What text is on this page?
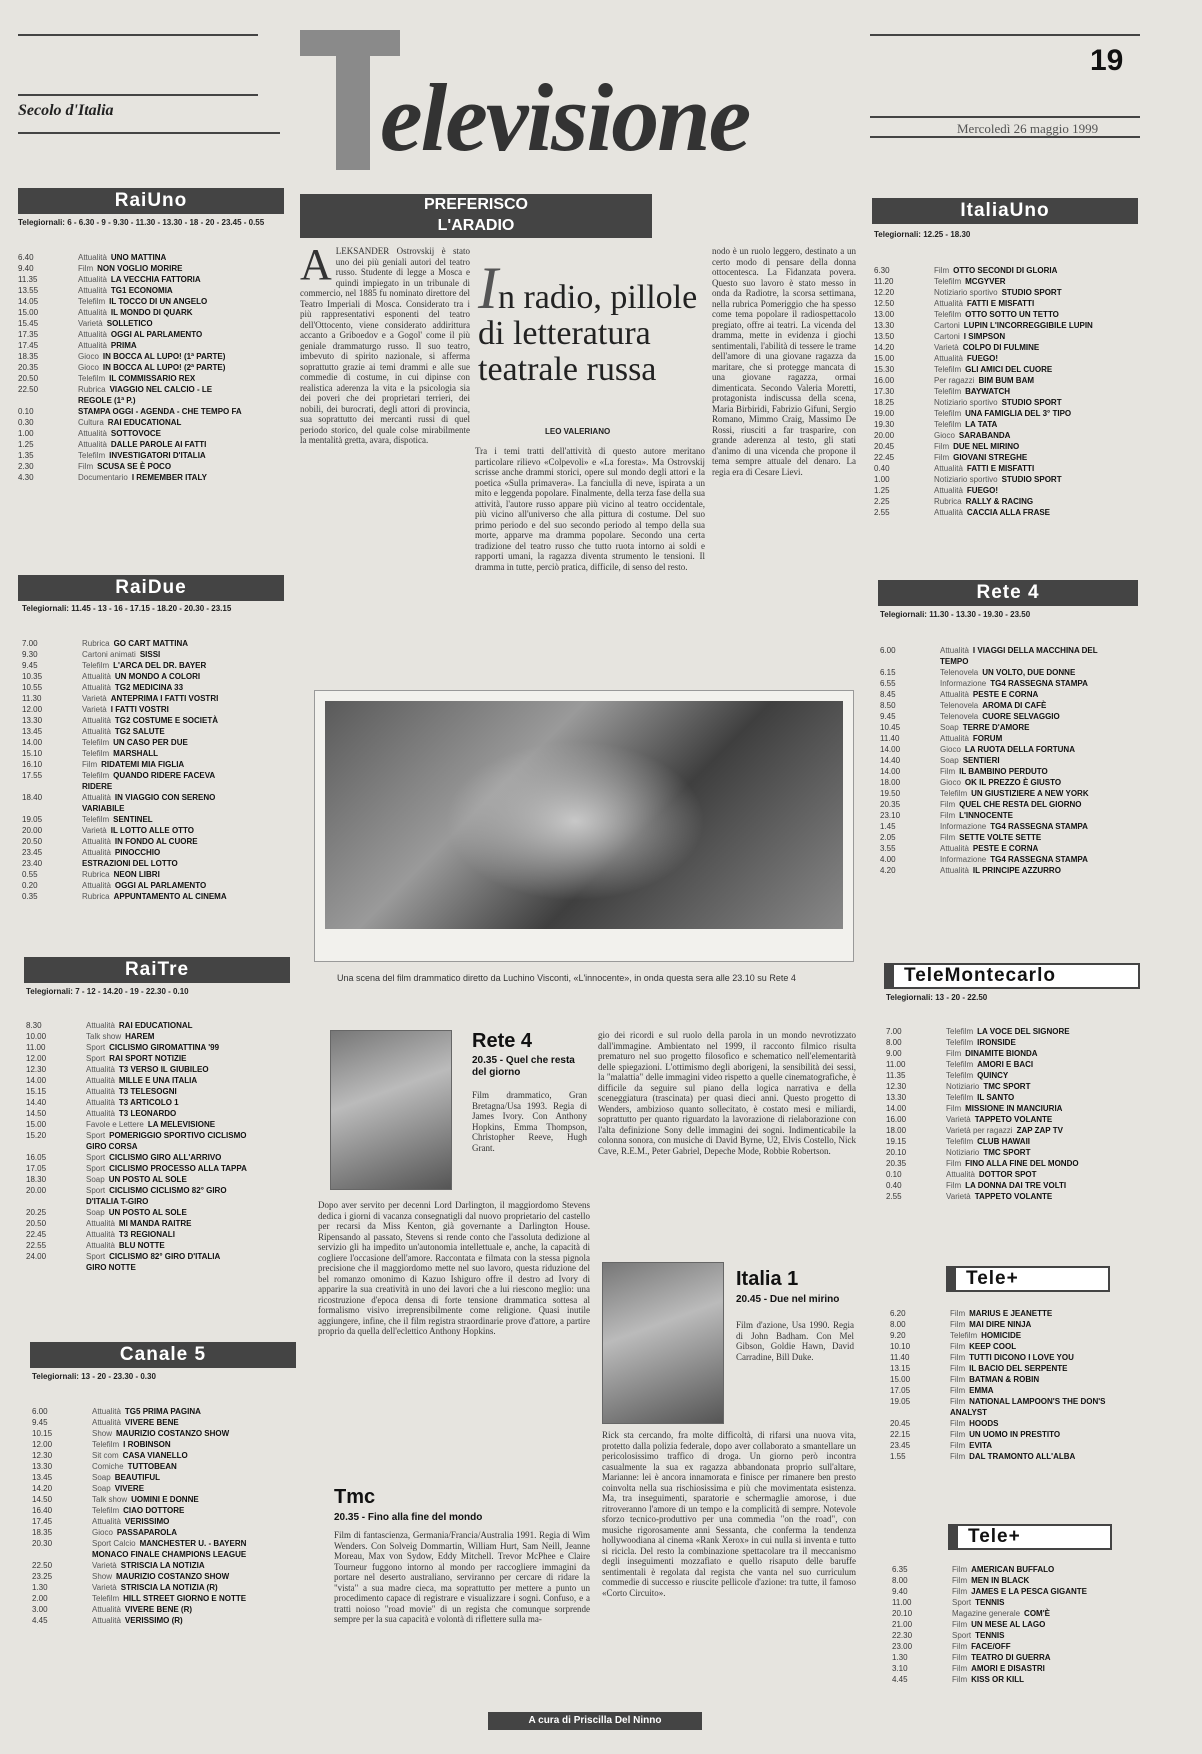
19
Secolo d'Italia
Mercoledì 26 maggio 1999
elevisione
RaiUno
Telegiornali: 6 - 6.30 - 9 - 9.30 - 11.30 - 13.30 - 18 - 20 - 23.45 - 0.55
6.40	Attualità UNO MATTINA
9.40	Film NON VOGLIO MORIRE
11.35	Attualità LA VECCHIA FATTORIA
13.55	Attualità TG1 ECONOMIA
14.05	Telefilm IL TOCCO DI UN ANGELO
15.00	Attualità IL MONDO DI QUARK
15.45	Varietà SOLLETICO
17.35	Attualità OGGI AL PARLAMENTO
17.45	Attualità PRIMA
18.35	Gioco IN BOCCA AL LUPO! (1ª PARTE)
20.35	Gioco IN BOCCA AL LUPO! (2ª PARTE)
20.50	Telefilm IL COMMISSARIO REX
22.50	Rubrica VIAGGIO NEL CALCIO - LE
REGOLE (1ª P.)
0.10	STAMPA OGGI - AGENDA - CHE TEMPO FA
0.30	Cultura RAI EDUCATIONAL
1.00	Attualità SOTTOVOCE
1.25	Attualità DALLE PAROLE AI FATTI
1.35	Telefilm INVESTIGATORI D'ITALIA
2.30	Film SCUSA SE È POCO
4.30	Documentario I REMEMBER ITALY
RaiDue
Telegiornali: 11.45 - 13 - 16 - 17.15 - 18.20 - 20.30 - 23.15
7.00	Rubrica GO CART MATTINA
9.30	Cartoni animati SISSI
9.45	Telefilm L'ARCA DEL DR. BAYER
10.35	Attualità UN MONDO A COLORI
10.55	Attualità TG2 MEDICINA 33
11.30	Varietà ANTEPRIMA I FATTI VOSTRI
12.00	Varietà I FATTI VOSTRI
13.30	Attualità TG2 COSTUME E SOCIETÀ
13.45	Attualità TG2 SALUTE
14.00	Telefilm UN CASO PER DUE
15.10	Telefilm MARSHALL
16.10	Film RIDATEMI MIA FIGLIA
17.55	Telefilm QUANDO RIDERE FACEVA
RIDERE
18.40	Attualità IN VIAGGIO CON SERENO
VARIABILE
19.05	Telefilm SENTINEL
20.00	Varietà IL LOTTO ALLE OTTO
20.50	Attualità IN FONDO AL CUORE
23.45	Attualità PINOCCHIO
23.40	ESTRAZIONI DEL LOTTO
0.55	Rubrica NEON LIBRI
0.20	Attualità OGGI AL PARLAMENTO
0.35	Rubrica APPUNTAMENTO AL CINEMA
RaiTre
Telegiornali: 7 - 12 - 14.20 - 19 - 22.30 - 0.10
8.30	Attualità RAI EDUCATIONAL
10.00	Talk show HAREM
11.00	Sport CICLISMO GIROMATTINA '99
12.00	Sport RAI SPORT NOTIZIE
12.30	Attualità T3 VERSO IL GIUBILEO
14.00	Attualità MILLE E UNA ITALIA
15.15	Attualità T3 TELESOGNI
14.40	Attualità T3 ARTICOLO 1
14.50	Attualità T3 LEONARDO
15.00	Favole e Lettere LA MELEVISIONE
15.20	Sport POMERIGGIO SPORTIVO CICLISMO
GIRO CORSA
16.05	Sport CICLISMO GIRO ALL'ARRIVO
17.05	Sport CICLISMO PROCESSO ALLA TAPPA
18.30	Soap UN POSTO AL SOLE
20.00	Sport CICLISMO CICLISMO 82° GIRO
D'ITALIA T-GIRO
20.25	Soap UN POSTO AL SOLE
20.50	Attualità MI MANDA RAITRE
22.45	Attualità T3 REGIONALI
22.55	Attualità BLU NOTTE
24.00	Sport CICLISMO 82° GIRO D'ITALIA
GIRO NOTTE
Canale 5
Telegiornali: 13 - 20 - 23.30 - 0.30
6.00	Attualità TG5 PRIMA PAGINA
9.45	Attualità VIVERE BENE
10.15	Show MAURIZIO COSTANZO SHOW
12.00	Telefilm I ROBINSON
12.30	Sit com CASA VIANELLO
13.30	Comiche TUTTOBEAN
13.45	Soap BEAUTIFUL
14.20	Soap VIVERE
14.50	Talk show UOMINI E DONNE
16.40	Telefilm CIAO DOTTORE
17.45	Attualità VERISSIMO
18.35	Gioco PASSAPAROLA
20.30	Sport Calcio MANCHESTER U. - BAYERN
MONACO FINALE CHAMPIONS LEAGUE
22.50	Varietà STRISCIA LA NOTIZIA
23.25	Show MAURIZIO COSTANZO SHOW
1.30	Varietà STRISCIA LA NOTIZIA (R)
2.00	Telefilm HILL STREET GIORNO E NOTTE
3.00	Attualità VIVERE BENE (R)
4.45	Attualità VERISSIMO (R)
ItaliaUno
Telegiornali: 12.25 - 18.30
6.30	Film OTTO SECONDI DI GLORIA
11.20	Telefilm MCGYVER
12.20	Notiziario sportivo STUDIO SPORT
12.50	Attualità FATTI E MISFATTI
13.00	Telefilm OTTO SOTTO UN TETTO
13.30	Cartoni LUPIN L'INCORREGGIBILE LUPIN
13.50	Cartoni I SIMPSON
14.20	Varietà COLPO DI FULMINE
15.00	Attualità FUEGO!
15.30	Telefilm GLI AMICI DEL CUORE
16.00	Per ragazzi BIM BUM BAM
17.30	Telefilm BAYWATCH
18.25	Notiziario sportivo STUDIO SPORT
19.00	Telefilm UNA FAMIGLIA DEL 3° TIPO
19.30	Telefilm LA TATA
20.00	Gioco SARABANDA
20.45	Film DUE NEL MIRINO
22.45	Film GIOVANI STREGHE
0.40	Attualità FATTI E MISFATTI
1.00	Notiziario sportivo STUDIO SPORT
1.25	Attualità FUEGO!
2.25	Rubrica RALLY & RACING
2.55	Attualità CACCIA ALLA FRASE
Rete 4
Telegiornali: 11.30 - 13.30 - 19.30 - 23.50
6.00	Attualità I VIAGGI DELLA MACCHINA DEL
TEMPO
6.15	Telenovela UN VOLTO, DUE DONNE
6.55	Informazione TG4 RASSEGNA STAMPA
8.45	Attualità PESTE E CORNA
8.50	Telenovela AROMA DI CAFÈ
9.45	Telenovela CUORE SELVAGGIO
10.45	Soap TERRE D'AMORE
11.40	Attualità FORUM
14.00	Gioco LA RUOTA DELLA FORTUNA
14.40	Soap SENTIERI
14.00	Film IL BAMBINO PERDUTO
18.00	Gioco OK IL PREZZO È GIUSTO
19.50	Telefilm UN GIUSTIZIERE A NEW YORK
20.35	Film QUEL CHE RESTA DEL GIORNO
23.10	Film L'INNOCENTE
1.45	Informazione TG4 RASSEGNA STAMPA
2.05	Film SETTE VOLTE SETTE
3.55	Attualità PESTE E CORNA
4.00	Informazione TG4 RASSEGNA STAMPA
4.20	Attualità IL PRINCIPE AZZURRO
TeleMontecarlo
Telegiornali: 13 - 20 - 22.50
7.00	Telefilm LA VOCE DEL SIGNORE
8.00	Telefilm IRONSIDE
9.00	Film DINAMITE BIONDA
11.00	Telefilm AMORI E BACI
11.35	Telefilm QUINCY
12.30	Notiziario TMC SPORT
13.30	Telefilm IL SANTO
14.00	Film MISSIONE IN MANCIURIA
16.00	Varietà TAPPETO VOLANTE
18.00	Varietà per ragazzi ZAP ZAP TV
19.15	Telefilm CLUB HAWAII
20.10	Notiziario TMC SPORT
20.35	Film FINO ALLA FINE DEL MONDO
0.10	Attualità DOTTOR SPOT
0.40	Film LA DONNA DAI TRE VOLTI
2.55	Varietà TAPPETO VOLANTE
Tele+
6.20	Film MARIUS E JEANETTE
8.00	Film MAI DIRE NINJA
9.20	Telefilm HOMICIDE
10.10	Film KEEP COOL
11.40	Film TUTTI DICONO I LOVE YOU
13.15	Film IL BACIO DEL SERPENTE
15.00	Film BATMAN & ROBIN
17.05	Film EMMA
19.05	Film NATIONAL LAMPOON'S THE DON'S
ANALYST
20.45	Film HOODS
22.15	Film UN UOMO IN PRESTITO
23.45	Film EVITA
1.55	Film DAL TRAMONTO ALL'ALBA
Tele+
6.35	Film AMERICAN BUFFALO
8.00	Film MEN IN BLACK
9.40	Film JAMES E LA PESCA GIGANTE
11.00	Sport TENNIS
20.10	Magazine generale COM'È
21.00	Film UN MESE AL LAGO
22.30	Sport TENNIS
23.00	Film FACE/OFF
1.30	Film TEATRO DI GUERRA
3.10	Film AMORI E DISASTRI
4.45	Film KISS OR KILL
PREFERISCO
L'ARADIO
In radio, pillole di letteratura teatrale russa
LEO VALERIANO
ALEKSANDER Ostrovskij è stato uno dei più geniali autori del teatro russo. Studente di legge a Mosca e quindi impiegato in un tribunale di commercio, nel 1885 fu nominato direttore del Teatro Imperiali di Mosca. Considerato tra i più rappresentativi esponenti del teatro dell'Ottocento, viene considerato addirittura accanto a Griboedov e a Gogol' come il più geniale drammaturgo russo. Il suo teatro, imbevuto di spirito nazionale, si afferma soprattutto grazie ai temi drammi e alle sue commedie di costume, in cui dipinse con realistica aderenza la vita e la psicologia sia dei poveri che dei proprietari terrieri, dei nobili, dei burocrati, degli attori di provincia, sua soprattutto dei mercanti russi di quel periodo storico, del quale colse mirabilmente la mentalità gretta, avara, dispotica.
Tra i temi tratti dell'attività di questo autore meritano particolare rilievo «Colpevoli» e «La foresta». Ma Ostrovskij scrisse anche drammi storici, opere sul mondo degli attori e la poetica «Sulla primavera». La fanciulla di neve, ispirata a un mito e leggenda popolare. Finalmente, della terza fase della sua attività, l'autore russo appare più vicino al teatro occidentale, più vicino all'universo che alla pittura di costume. Del suo primo periodo e del suo secondo periodo al tempo della sua morte, apparve ma dramma popolare. Secondo una certa tradizione del teatro russo che tutto ruota intorno ai soldi e rapporti umani, la ragazza diventa strumento le tensioni. Il dramma in tutte, perciò pratica, difficile, di senso del resto.
nodo è un ruolo leggero, destinato a un certo modo di pensare della donna ottocentesca. La Fidanzata povera. Questo suo lavoro è stato messo in onda da Radiotre, la scorsa settimana, nella rubrica Pomeriggio che ha spesso come tema popolare il radiospettacolo pregiato, offre ai teatri. La vicenda del dramma, mette in evidenza i giochi sentimentali, l'abilità di tessere le trame dell'amore di una giovane ragazza da maritare, che si protegge mancata di una giovane ragazza, ormai dimenticata. Secondo Valeria Moretti, protagonista indiscussa della scena, Maria Birbiridi, Fabrizio Gifuni, Sergio Romano, Mimmo Craig, Massimo De Rossi, riusciti a far trasparire, con grande aderenza al testo, gli stati d'animo di una vicenda che propone il tema sempre attuale del denaro. La regia era di Cesare Lievi.
Una scena del film drammatico diretto da Luchino Visconti, «L'innocente», in onda questa sera alle 23.10 su Rete 4
Rete 4
20.35 - Quel che resta del giorno
Film drammatico, Gran Bretagna/Usa 1993. Regia di James Ivory. Con Anthony Hopkins, Emma Thompson, Christopher Reeve, Hugh Grant.
Dopo aver servito per decenni Lord Darlington, il maggiordomo Stevens dedica i giorni di vacanza consegnatigli dal nuovo proprietario del castello per recarsi da Miss Kenton, già governante a Darlington House. Ripensando al passato, Stevens si rende conto che l'assoluta dedizione al servizio gli ha impedito un'autonomia intellettuale e, anche, la capacità di cogliere l'occasione dell'amore. Raccontata e filmata con la stessa pignola precisione che il maggiordomo mette nel suo lavoro, questa riduzione del bel romanzo omonimo di Kazuo Ishiguro offre il destro ad Ivory di apparire la sua creatività in uno dei lavori che a lui riescono meglio: una ricostruzione d'epoca densa di forte tensione drammatica sottesa al formalismo visivo irreprensibilmente come religione. Quasi inutile aggiungere, infine, che il film registra straordinarie prove d'attore, a partire proprio da quella dell'eclettico Anthony Hopkins.
gio dei ricordi e sul ruolo della parola in un mondo nevrotizzato dall'immagine. Ambientato nel 1999, il racconto filmico risulta prematuro nel suo progetto filosofico e schematico nell'elementarità delle spiegazioni. L'ottimismo degli aborigeni, la sensibilità dei sessi, la "malattia" delle immagini video rispetto a quelle cinematografiche, è difficile da seguire sul piano della logica narrativa e della sceneggiatura (trascinata) per quasi dieci anni. Questo progetto di Wenders, ambizioso quanto sollecitato, è costato mesi e miliardi, soprattutto per quanto riguardato la lavorazione di rielaborazione con l'alta definizione Sony delle immagini dei sogni. Indimenticabile la colonna sonora, con musiche di David Byrne, U2, Elvis Costello, Nick Cave, R.E.M., Peter Gabriel, Depeche Mode, Robbie Robertson.
Tmc
20.35 - Fino alla fine del mondo
Film di fantascienza, Germania/Francia/Australia 1991. Regia di Wim Wenders. Con Solveig Dommartin, William Hurt, Sam Neill, Jeanne Moreau, Max von Sydow, Eddy Mitchell. Trevor McPhee e Claire Tourneur fuggono intorno al mondo per raccogliere immagini da portare nel deserto australiano, serviranno per cercare di ridare la "vista" a sua madre cieca, ma soprattutto per mettere a punto un procedimento capace di registrare e visualizzare i sogni. Confuso, e a tratti noioso "road movie" di un regista che comunque sorprende sempre per la sua capacità e volontà di riflettere sulla ma-
Italia 1
20.45 - Due nel mirino
Film d'azione, Usa 1990. Regia di John Badham. Con Mel Gibson, Goldie Hawn, David Carradine, Bill Duke.
Rick sta cercando, fra molte difficoltà, di rifarsi una nuova vita, protetto dalla polizia federale, dopo aver collaborato a smantellare un pericolosissimo traffico di droga. Un giorno però incontra casualmente la sua ex ragazza abbandonata proprio sull'altare, Marianne: lei è ancora innamorata e finisce per rimanere ben presto coinvolta nella sua rischiosissima e più che movimentata esistenza. Ma, tra inseguimenti, sparatorie e schermaglie amorose, i due ritroveranno l'amore di un tempo e la complicità di sempre. Notevole sforzo tecnico-produttivo per una commedia "on the road", con musiche rigorosamente anni Sessanta, che conferma la tendenza hollywoodiana al cinema «Rank Xerox» in cui nulla si inventa e tutto si ricicla. Del resto la combinazione spettacolare tra il meccanismo degli inseguimenti mozzafiato e quello risaputo delle baruffe sentimentali è regolata dal regista che vanta nel suo curriculum commedie di successo e riuscite pellicole d'azione: tra tutte, il famoso «Corto Circuito».
A cura di Priscilla Del Ninno
